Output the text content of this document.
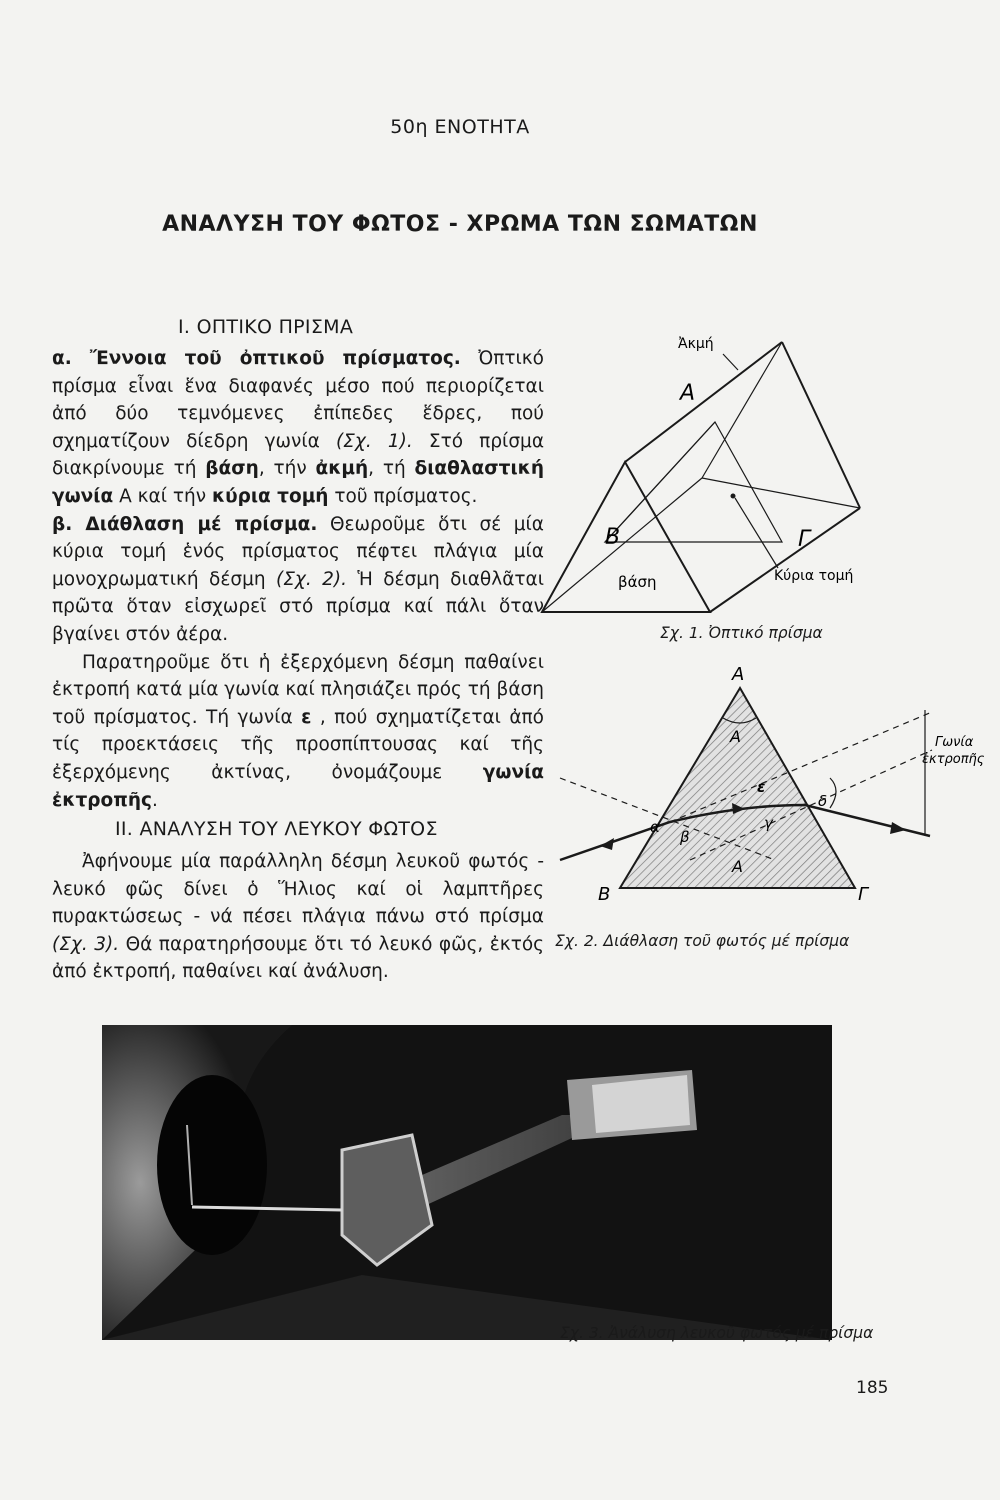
50η ΕΝΟΤΗΤΑ
ΑΝΑΛΥΣΗ ΤΟΥ ΦΩΤΟΣ - ΧΡΩΜΑ ΤΩΝ ΣΩΜΑΤΩΝ
I. ΟΠΤΙΚΟ ΠΡΙΣΜΑ

α. Ἔννοια τοῦ ὀπτικοῦ πρίσματος. Ὀπτικό πρίσμα εἶναι ἕνα διαφανές μέσο πού περιορίζεται ἀπό δύο τεμνόμενες ἐπίπεδες ἕδρες, πού σχηματίζουν δίεδρη γωνία (Σχ. 1). Στό πρίσμα διακρίνουμε τή βάση, τήν ἀκμή, τή διαθλαστική γωνία Α καί τήν κύρια τομή τοῦ πρίσματος.

β. Διάθλαση μέ πρίσμα. Θεωροῦμε ὅτι σέ μία κύρια τομή ἑνός πρίσματος πέφτει πλάγια μία μονοχρωματική δέσμη (Σχ. 2). Ἡ δέσμη διαθλᾶται πρῶτα ὅταν εἰσχωρεῖ στό πρίσμα καί πάλι ὅταν βγαίνει στόν ἀέρα.

Παρατηροῦμε ὅτι ἡ ἐξερχόμενη δέσμη παθαίνει ἐκτροπή κατά μία γωνία καί πλησιάζει πρός τή βάση τοῦ πρίσματος. Τή γωνία ε , πού σχηματίζεται ἀπό τίς προεκτάσεις τῆς προσπίπτουσας καί τῆς ἐξερχόμενης ἀκτίνας, ὀνομάζουμε γωνία ἐκτροπῆς.

II. ΑΝΑΛΥΣΗ ΤΟΥ ΛΕΥΚΟΥ ΦΩΤΟΣ

Ἀφήνουμε μία παράλληλη δέσμη λευκοῦ φωτός - λευκό φῶς δίνει ὁ Ἥλιος καί οἱ λαμπτῆρες πυρακτώσεως - νά πέσει πλάγια πάνω στό πρίσμα (Σχ. 3). Θά παρατηρήσουμε ὅτι τό λευκό φῶς, ἐκτός ἀπό ἐκτροπή, παθαίνει καί ἀνάλυση.

Ἀκμή
Α
Β	Γ
βάση	Κύρια τομή
Σχ. 1. Ὀπτικό πρίσμα
Α
Α
Α
Β	Γ
α
β
γ
δ
ε
Γωνία
ἐκτροπῆς
Σχ. 2. Διάθλαση τοῦ φωτός μέ πρίσμα
Σχ. 3. Ἀνάλυση λευκοῦ φωτός μέ πρίσμα
185
